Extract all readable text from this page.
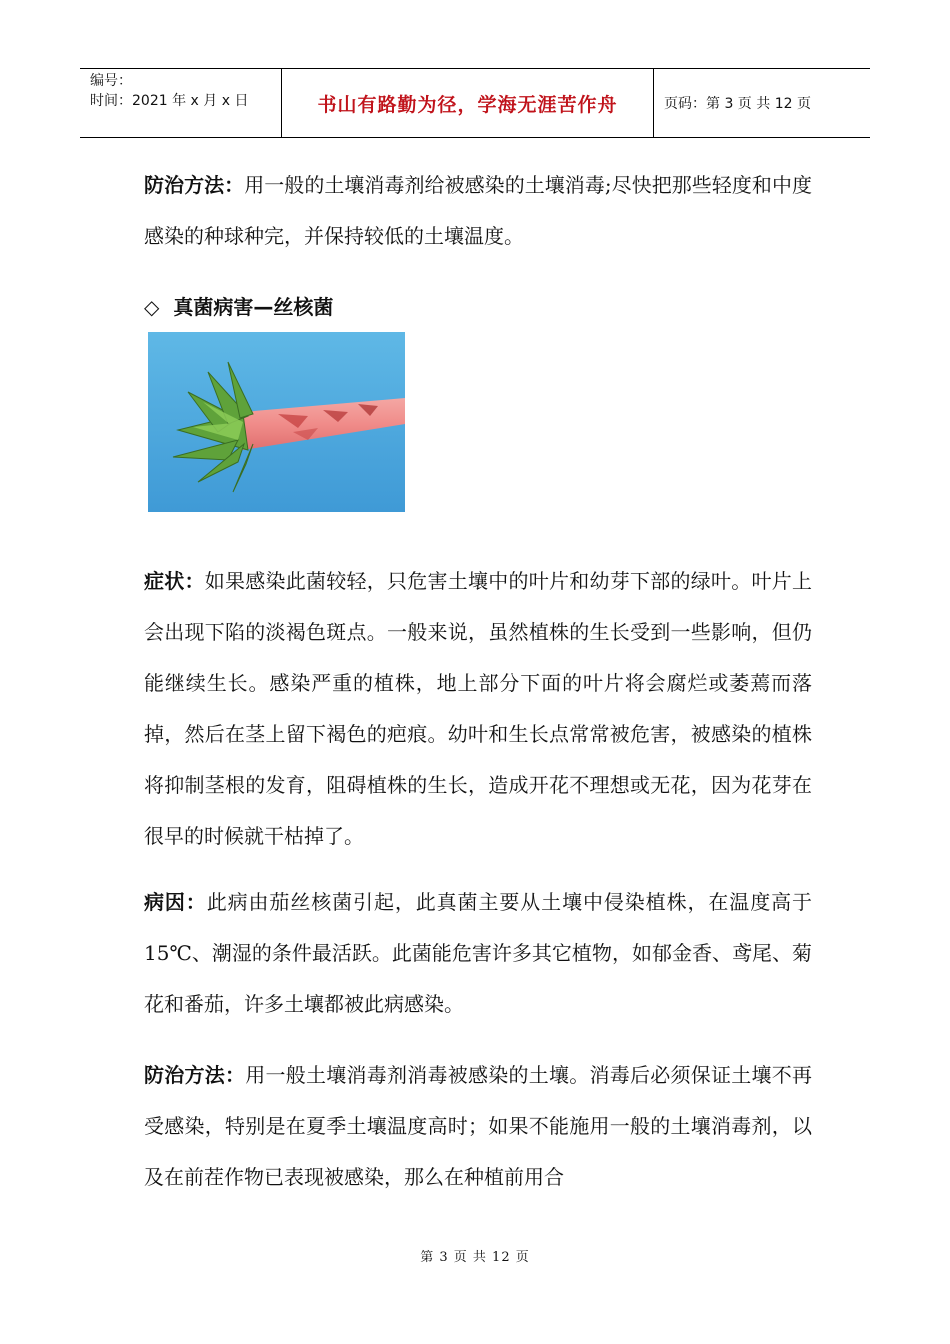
编号：
时间：2021 年 x 月 x 日	书山有路勤为径，学海无涯苦作舟	页码：第 3 页 共 12 页

防治方法：用一般的土壤消毒剂给被感染的土壤消毒;尽快把那些轻度和中度感染的种球种完，并保持较低的土壤温度。

◇ 真菌病害—丝核菌

症状：如果感染此菌较轻，只危害土壤中的叶片和幼芽下部的绿叶。叶片上会出现下陷的淡褐色斑点。一般来说，虽然植株的生长受到一些影响，但仍能继续生长。感染严重的植株，地上部分下面的叶片将会腐烂或萎蔫而落掉，然后在茎上留下褐色的疤痕。幼叶和生长点常常被危害，被感染的植株将抑制茎根的发育，阻碍植株的生长，造成开花不理想或无花，因为花芽在很早的时候就干枯掉了。

病因：此病由茄丝核菌引起，此真菌主要从土壤中侵染植株，在温度高于 15℃、潮湿的条件最活跃。此菌能危害许多其它植物，如郁金香、鸢尾、菊花和番茄，许多土壤都被此病感染。

防治方法：用一般土壤消毒剂消毒被感染的土壤。消毒后必须保证土壤不再受感染，特别是在夏季土壤温度高时；如果不能施用一般的土壤消毒剂，以及在前茬作物已表现被感染，那么在种植前用合

第 3 页 共 12 页
